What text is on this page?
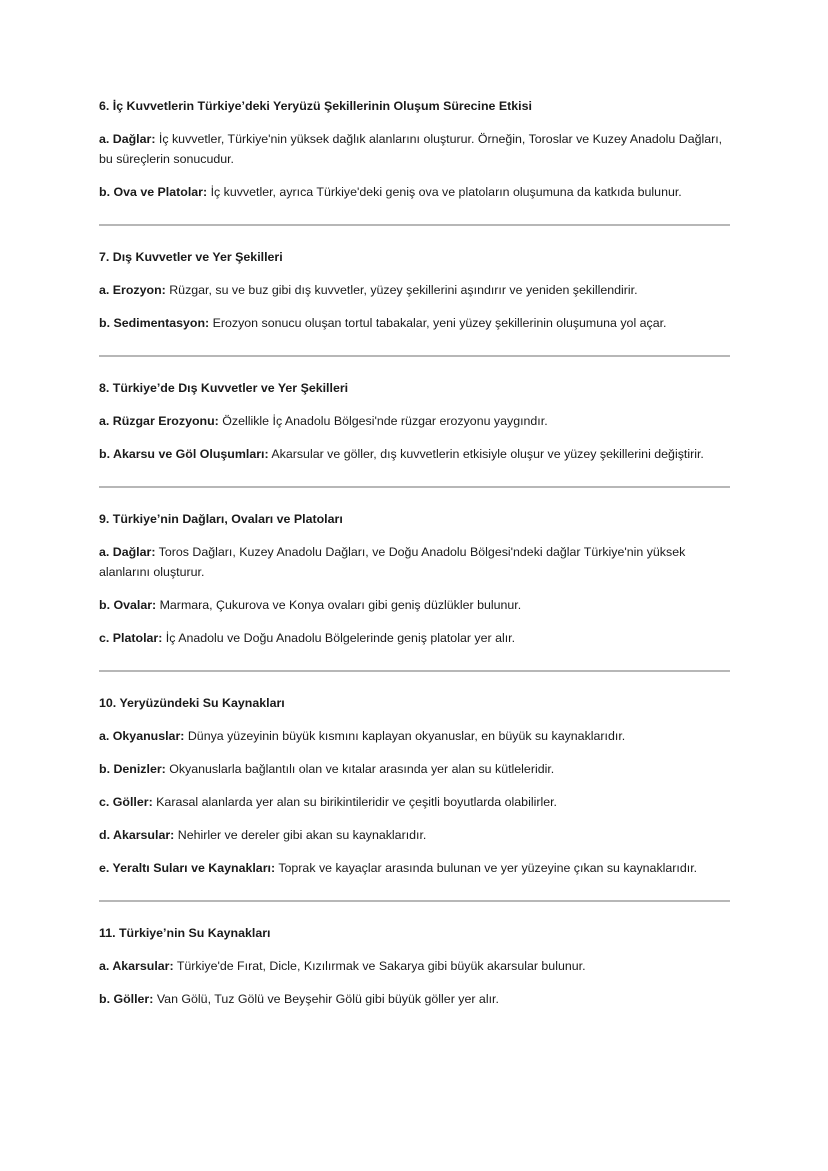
6. İç Kuvvetlerin Türkiye’deki Yeryüzü Şekillerinin Oluşum Sürecine Etkisi

a. Dağlar: İç kuvvetler, Türkiye'nin yüksek dağlık alanlarını oluşturur. Örneğin, Toroslar ve Kuzey Anadolu Dağları, bu süreçlerin sonucudur.

b. Ova ve Platolar: İç kuvvetler, ayrıca Türkiye'deki geniş ova ve platoların oluşumuna da katkıda bulunur.

7. Dış Kuvvetler ve Yer Şekilleri

a. Erozyon: Rüzgar, su ve buz gibi dış kuvvetler, yüzey şekillerini aşındırır ve yeniden şekillendirir.

b. Sedimentasyon: Erozyon sonucu oluşan tortul tabakalar, yeni yüzey şekillerinin oluşumuna yol açar.

8. Türkiye’de Dış Kuvvetler ve Yer Şekilleri

a. Rüzgar Erozyonu: Özellikle İç Anadolu Bölgesi'nde rüzgar erozyonu yaygındır.

b. Akarsu ve Göl Oluşumları: Akarsular ve göller, dış kuvvetlerin etkisiyle oluşur ve yüzey şekillerini değiştirir.

9. Türkiye’nin Dağları, Ovaları ve Platoları

a. Dağlar: Toros Dağları, Kuzey Anadolu Dağları, ve Doğu Anadolu Bölgesi'ndeki dağlar Türkiye'nin yüksek alanlarını oluşturur.

b. Ovalar: Marmara, Çukurova ve Konya ovaları gibi geniş düzlükler bulunur.

c. Platolar: İç Anadolu ve Doğu Anadolu Bölgelerinde geniş platolar yer alır.

10. Yeryüzündeki Su Kaynakları

a. Okyanuslar: Dünya yüzeyinin büyük kısmını kaplayan okyanuslar, en büyük su kaynaklarıdır.

b. Denizler: Okyanuslarla bağlantılı olan ve kıtalar arasında yer alan su kütleleridir.

c. Göller: Karasal alanlarda yer alan su birikintileridir ve çeşitli boyutlarda olabilirler.

d. Akarsular: Nehirler ve dereler gibi akan su kaynaklarıdır.

e. Yeraltı Suları ve Kaynakları: Toprak ve kayaçlar arasında bulunan ve yer yüzeyine çıkan su kaynaklarıdır.

11. Türkiye’nin Su Kaynakları

a. Akarsular: Türkiye'de Fırat, Dicle, Kızılırmak ve Sakarya gibi büyük akarsular bulunur.

b. Göller: Van Gölü, Tuz Gölü ve Beyşehir Gölü gibi büyük göller yer alır.
